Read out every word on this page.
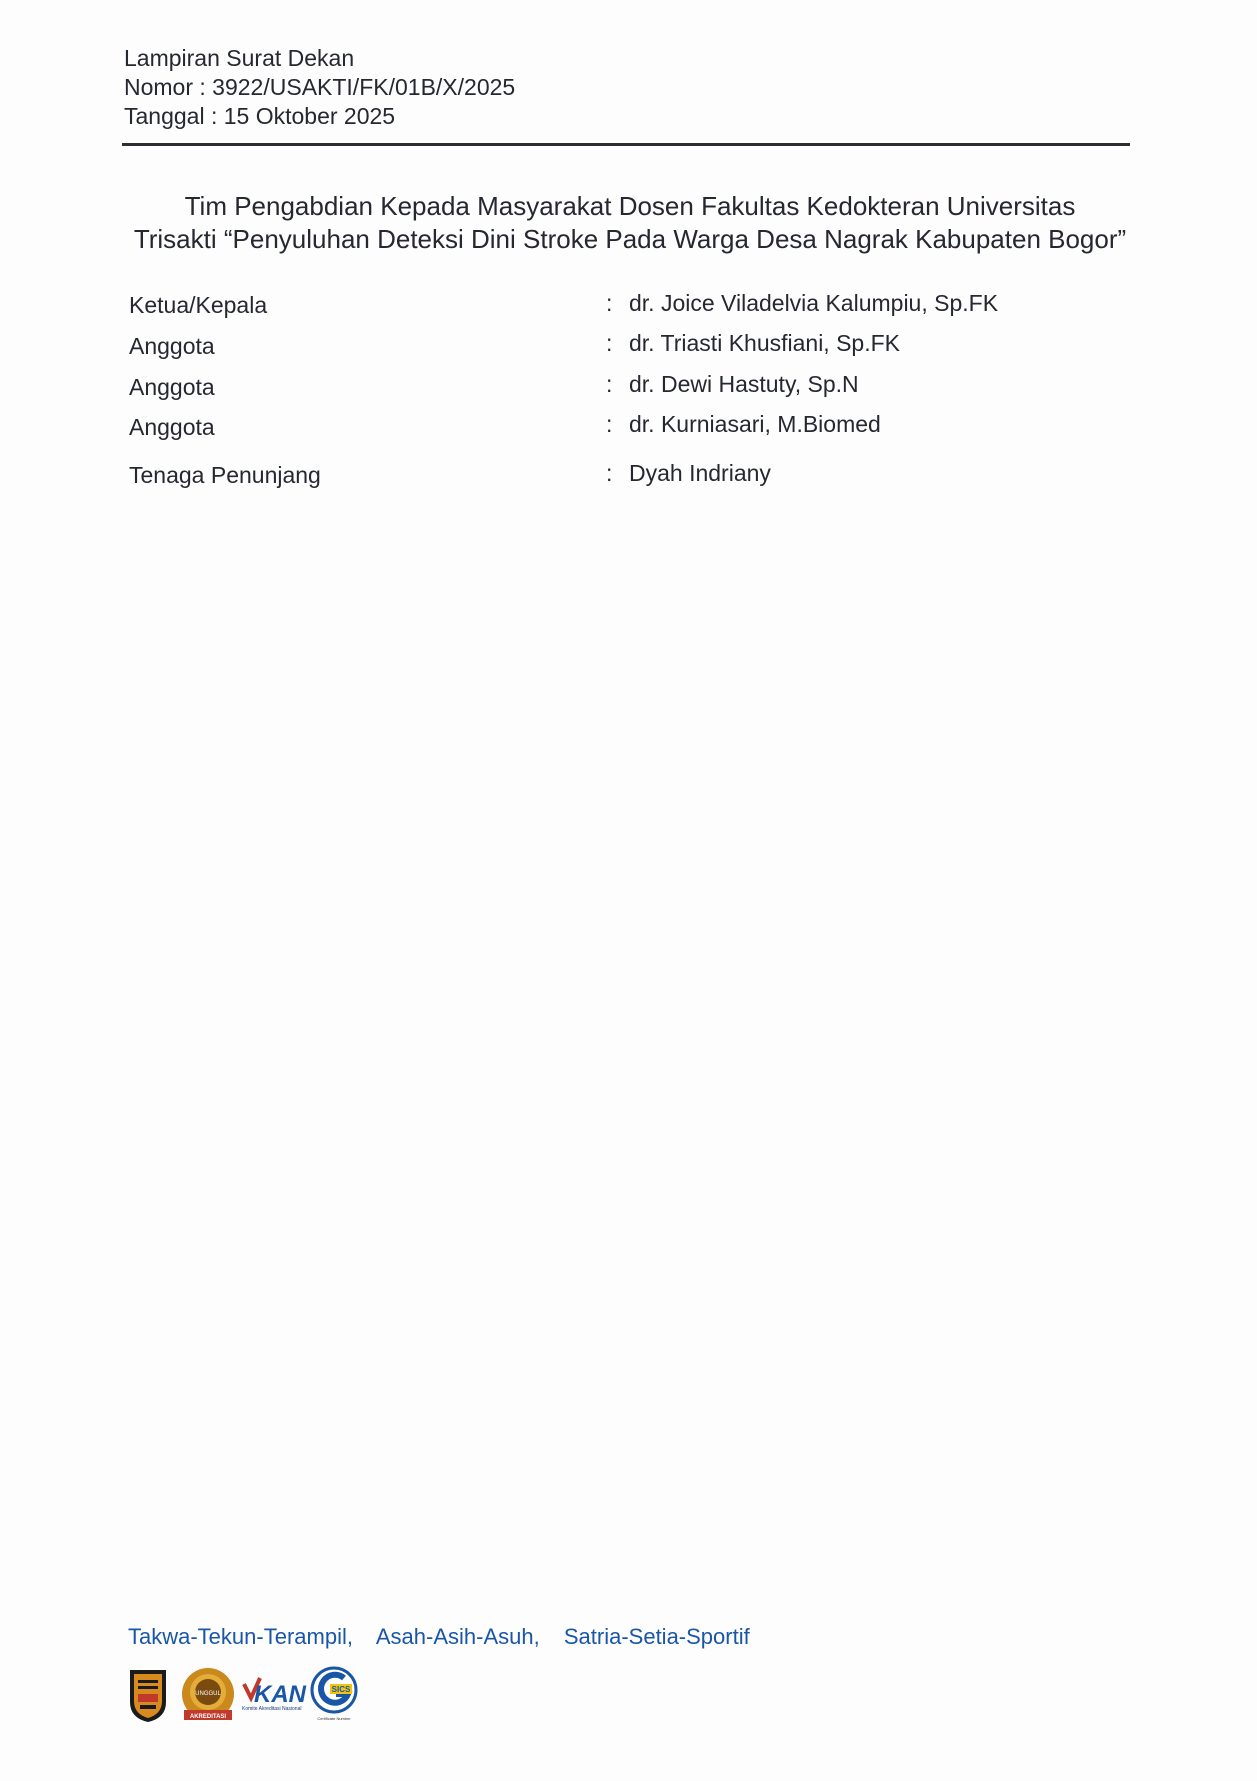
Lampiran Surat Dekan
Nomor : 3922/USAKTI/FK/01B/X/2025
Tanggal : 15 Oktober 2025
Tim Pengabdian Kepada Masyarakat Dosen Fakultas Kedokteran Universitas
Trisakti “Penyuluhan Deteksi Dini Stroke Pada Warga Desa Nagrak Kabupaten Bogor”
Ketua/Kepala	: dr. Joice Viladelvia Kalumpiu, Sp.FK
Anggota	: dr. Triasti Khusfiani, Sp.FK
Anggota	: dr. Dewi Hastuty, Sp.N
Anggota	: dr. Kurniasari, M.Biomed
Tenaga Penunjang	: Dyah Indriany
Takwa-Tekun-Terampil, Asah-Asih-Asuh, Satria-Setia-Sportif
UNGGUL
AKREDITASI
KAN
Komite Akreditasi Nasional
SICS
Certificate Number
